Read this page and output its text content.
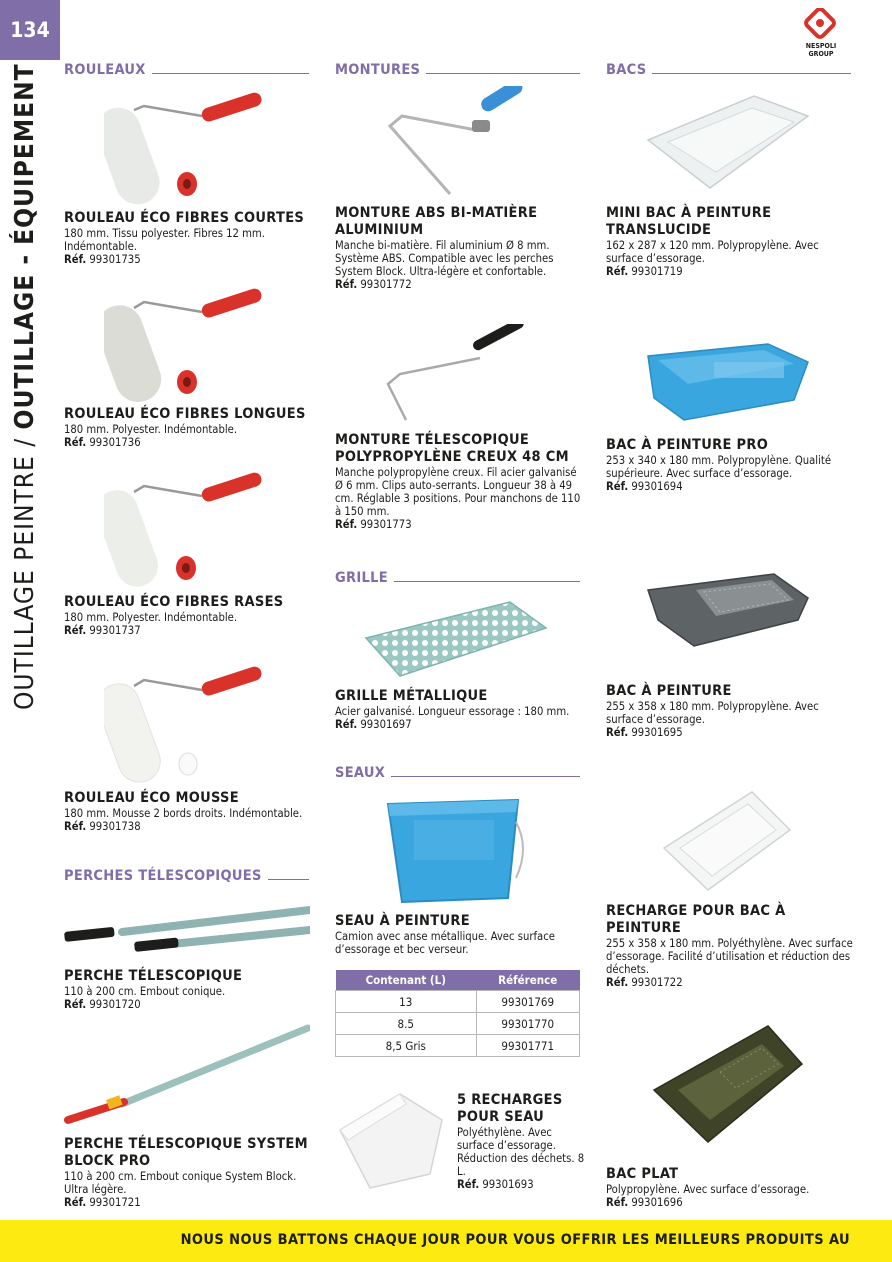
134
OUTILLAGE PEINTRE / OUTILLAGE - ÉQUIPEMENT
NESPOLI
GROUP
ROULEAUX
ROULEAU ÉCO FIBRES COURTES
180 mm. Tissu polyester. Fibres 12 mm. Indémontable.
Réf. 99301735
ROULEAU ÉCO FIBRES LONGUES
180 mm. Polyester. Indémontable.
Réf. 99301736
ROULEAU ÉCO FIBRES RASES
180 mm. Polyester. Indémontable.
Réf. 99301737
ROULEAU ÉCO MOUSSE
180 mm. Mousse 2 bords droits. Indémontable.
Réf. 99301738
PERCHES TÉLESCOPIQUES
PERCHE TÉLESCOPIQUE
110 à 200 cm. Embout conique.
Réf. 99301720
PERCHE TÉLESCOPIQUE SYSTEM BLOCK PRO
110 à 200 cm. Embout conique System Block. Ultra légère.
Réf. 99301721
MONTURES
MONTURE ABS BI-MATIÈRE ALUMINIUM
Manche bi-matière. Fil aluminium Ø 8 mm. Système ABS. Compatible avec les perches System Block. Ultra-légère et confortable.
Réf. 99301772
MONTURE TÉLESCOPIQUE POLYPROPYLÈNE CREUX 48 CM
Manche polypropylène creux. Fil acier galvanisé Ø 6 mm. Clips auto-serrants. Longueur 38 à 49 cm. Réglable 3 positions. Pour manchons de 110 à 150 mm.
Réf. 99301773
GRILLE
GRILLE MÉTALLIQUE
Acier galvanisé. Longueur essorage : 180 mm.
Réf. 99301697
SEAUX
SEAU À PEINTURE
Camion avec anse métallique. Avec surface d’essorage et bec verseur.
Contenant (L)	Référence
13	99301769
8.5	99301770
8,5 Gris	99301771
5 RECHARGES POUR SEAU
Polyéthylène. Avec surface d’essorage. Réduction des déchets. 8 L.
Réf. 99301693
BACS
MINI BAC À PEINTURE TRANSLUCIDE
162 x 287 x 120 mm. Polypropylène. Avec surface d’essorage.
Réf. 99301719
BAC À PEINTURE PRO
253 x 340 x 180 mm. Polypropylène. Qualité supérieure. Avec surface d’essorage.
Réf. 99301694
BAC À PEINTURE
255 x 358 x 180 mm. Polypropylène. Avec surface d’essorage.
Réf. 99301695
RECHARGE POUR BAC À PEINTURE
255 x 358 x 180 mm. Polyéthylène. Avec surface d’essorage. Facilité d’utilisation et réduction des déchets.
Réf. 99301722
BAC PLAT
Polypropylène. Avec surface d’essorage.
Réf. 99301696
NOUS NOUS BATTONS CHAQUE JOUR POUR VOUS OFFRIR LES MEILLEURS PRODUITS AU
